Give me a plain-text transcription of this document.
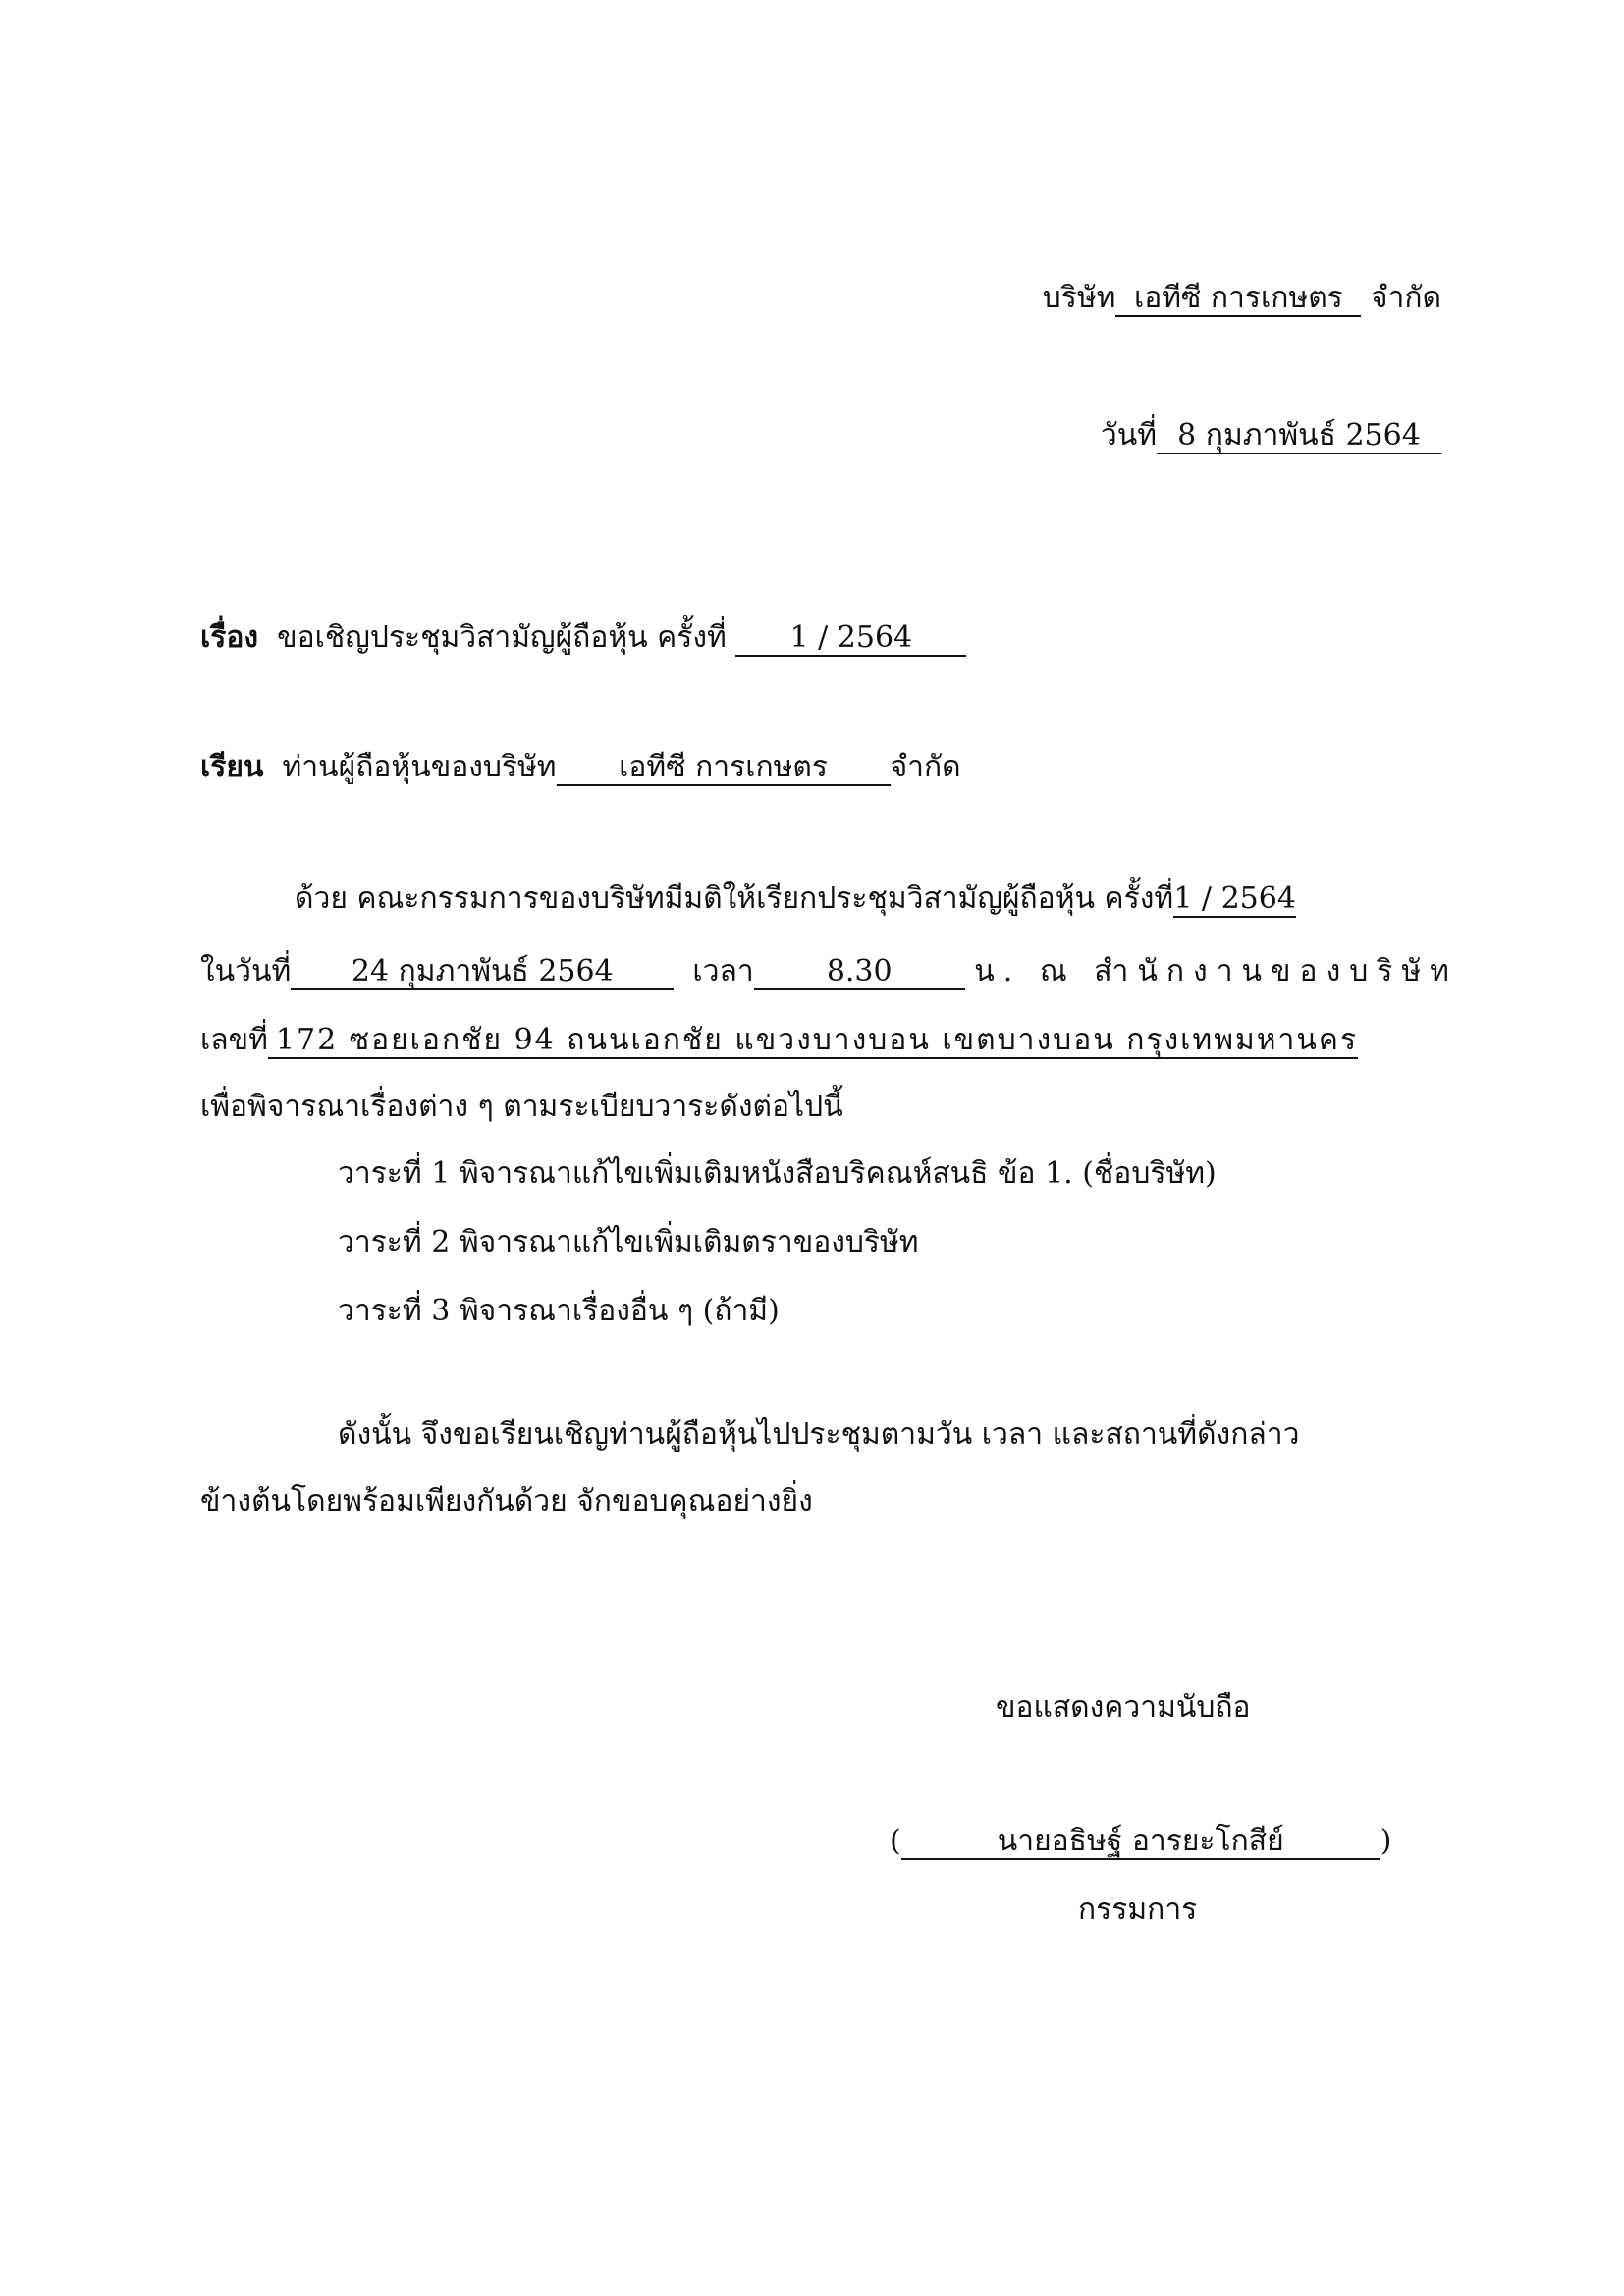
บริษัท เอทีซี การเกษตร จำกัด
วันที่ 8 กุมภาพันธ์ 2564
เรื่อง ขอเชิญประชุมวิสามัญผู้ถือหุ้น ครั้งที่ 1 / 2564
เรียน ท่านผู้ถือหุ้นของบริษัท เอทีซี การเกษตร จำกัด
ด้วย คณะกรรมการของบริษัทมีมติให้เรียกประชุมวิสามัญผู้ถือหุ้น ครั้งที่1 / 2564
ในวันที่ 24 กุมภาพันธ์ 2564	เวลา 8.30	น. ณ สำนักงานของบริษัท
เลขที่ 172 ซอยเอกชัย 94 ถนนเอกชัย แขวงบางบอน เขตบางบอน กรุงเทพมหานคร
เพื่อพิจารณาเรื่องต่าง ๆ ตามระเบียบวาระดังต่อไปนี้
วาระที่ 1 พิจารณาแก้ไขเพิ่มเติมหนังสือบริคณห์สนธิ ข้อ 1. (ชื่อบริษัท)
วาระที่ 2 พิจารณาแก้ไขเพิ่มเติมตราของบริษัท
วาระที่ 3 พิจารณาเรื่องอื่น ๆ (ถ้ามี)
ดังนั้น จึงขอเรียนเชิญท่านผู้ถือหุ้นไปประชุมตามวัน เวลา และสถานที่ดังกล่าว
ข้างต้นโดยพร้อมเพียงกันด้วย จักขอบคุณอย่างยิ่ง
ขอแสดงความนับถือ
(	นายอธิษฐ์ อารยะโกสีย์	)
กรรมการ
